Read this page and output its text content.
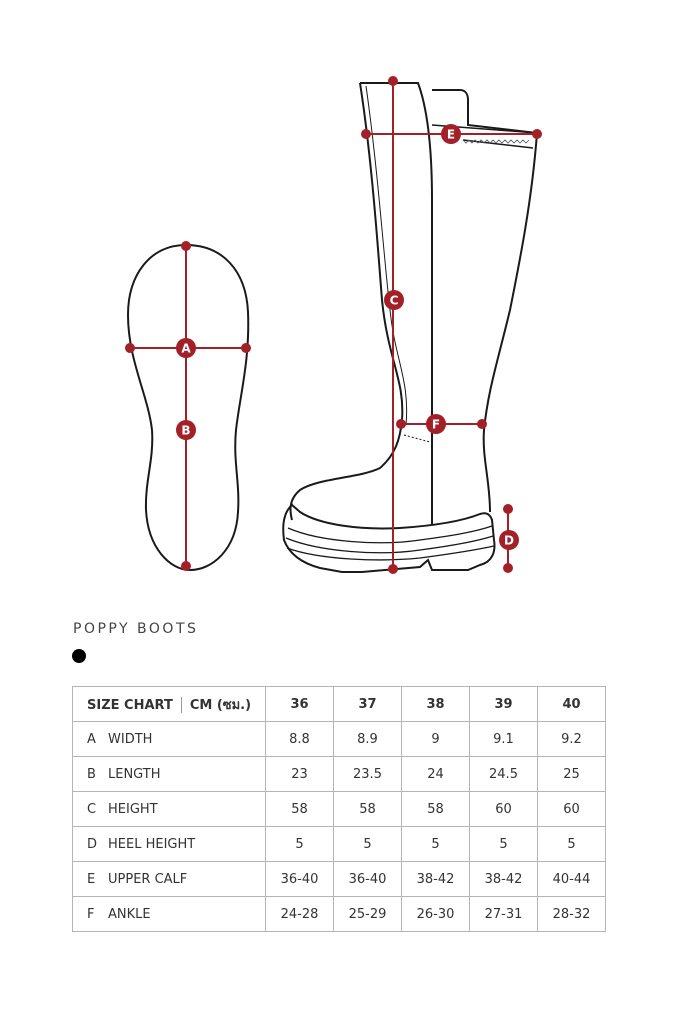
A
B
C
D
E
F
POPPY BOOTS
SIZE CHART CM (ซม.)	36	37	38	39	40
A WIDTH	8.8	8.9	9	9.1	9.2
B LENGTH	23	23.5	24	24.5	25
C HEIGHT	58	58	58	60	60
D HEEL HEIGHT	5	5	5	5	5
E UPPER CALF	36-40	36-40	38-42	38-42	40-44
F ANKLE	24-28	25-29	26-30	27-31	28-32
